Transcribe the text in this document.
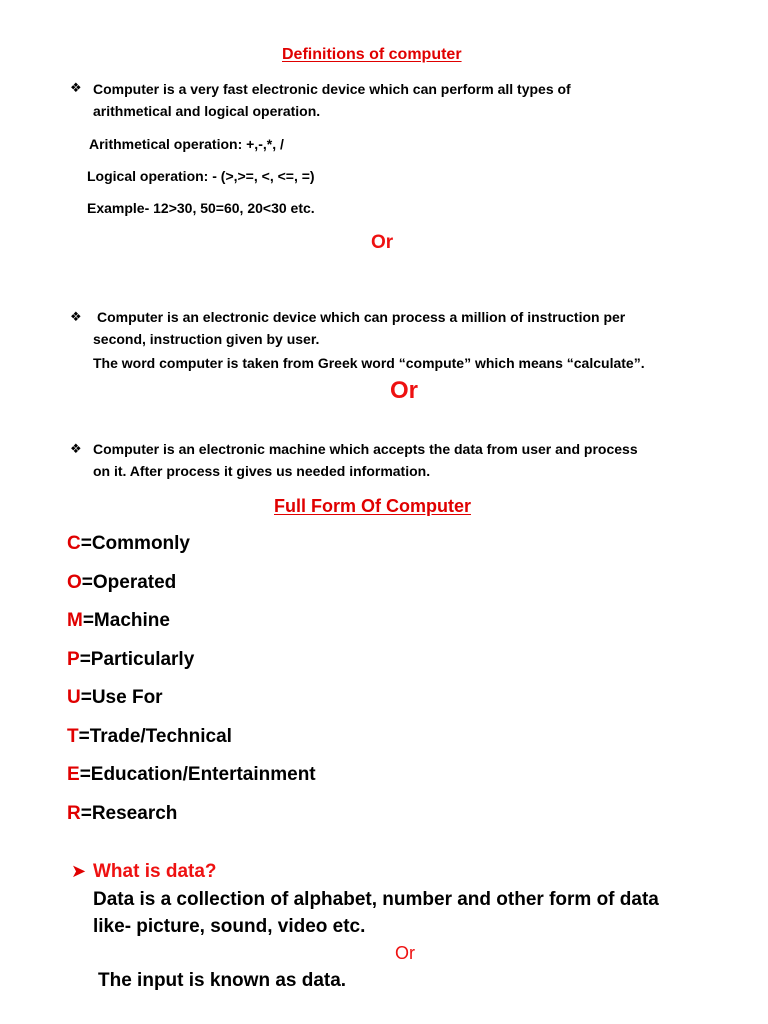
Definitions of computer
❖ Computer is a very fast electronic device which can perform all types of
arithmetical and logical operation.
Arithmetical operation: +,-,*, /
Logical operation: - (>,>=, <, <=, =)
Example- 12>30, 50=60, 20<30 etc.
Or
❖ Computer is an electronic device which can process a million of instruction per
second, instruction given by user.
The word computer is taken from Greek word “compute” which means “calculate”.
Or
❖ Computer is an electronic machine which accepts the data from user and process
on it. After process it gives us needed information.
Full Form Of Computer
C=Commonly
O=Operated
M=Machine
P=Particularly
U=Use For
T=Trade/Technical
E=Education/Entertainment
R=Research
➤ What is data?
Data is a collection of alphabet, number and other form of data
like- picture, sound, video etc.
Or
The input is known as data.
